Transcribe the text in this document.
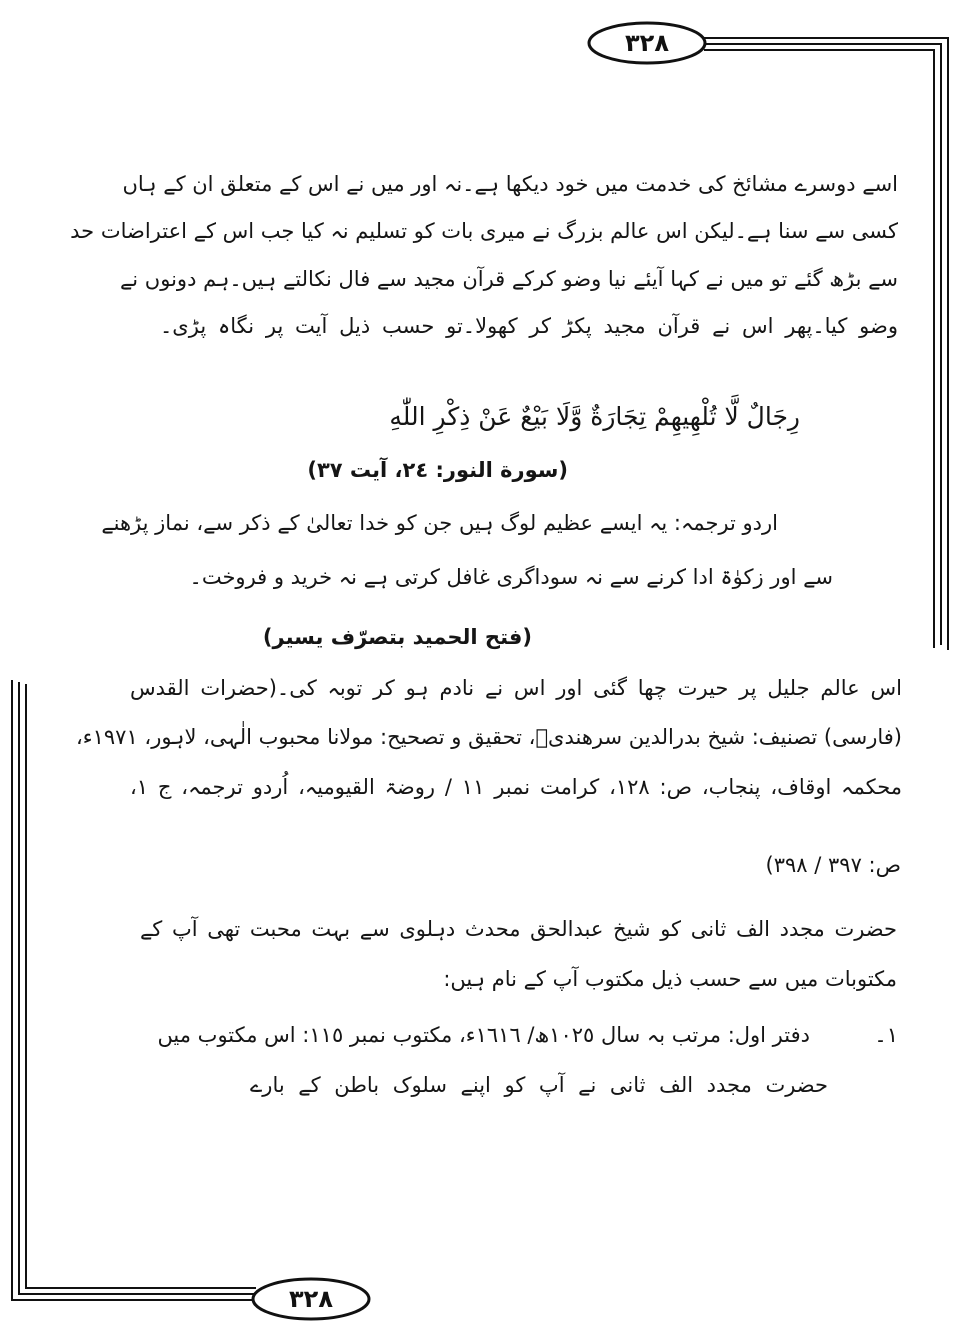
٣٢٨
٣٢٨
اسے دوسرے مشائخ کی خدمت میں خود دیکھا ہے۔نہ اور میں نے اس کے متعلق ان کے ہاں
کسی سے سنا ہے۔لیکن اس عالم بزرگ نے میری بات کو تسلیم نہ کیا جب اس کے اعتراضات حد
سے بڑھ گئے تو میں نے کہا آیئے نیا وضو کرکے قرآن مجید سے فال نکالتے ہیں۔ہم دونوں نے
وضو کیا۔پھر اس نے قرآن مجید پکڑ کر کھولا۔تو حسب ذیل آیت پر نگاہ پڑی۔
رِجَالٌ لَّا تُلْهِيهِمْ تِجَارَةٌ وَّلَا بَيْعٌ عَنْ ذِكْرِ اللّٰهِ
(سورة النور: ٢٤، آیت ٣٧)
اردو ترجمہ: یہ ایسے عظیم لوگ ہیں جن کو خدا تعالیٰ کے ذکر سے، نماز پڑھنے
سے اور زکوٰۃ ادا کرنے سے نہ سوداگری غافل کرتی ہے نہ خرید و فروخت۔
(فتح الحميد بتصرّف يسير)
اس عالم جلیل پر حیرت چھا گئی اور اس نے نادم ہو کر توبہ کی۔(حضرات القدس
(فارسی) تصنیف: شیخ بدرالدین سرھندیؒ، تحقیق و تصحیح: مولانا محبوب الٰہی، لاہور، ١٩٧١ء،
محکمہ اوقاف، پنجاب، ص: ١٢٨، کرامت نمبر ١١ / روضۃ القیومیہ، اُردو ترجمہ، ج ١،
ص: ٣٩٧ / ٣٩٨)
حضرت مجدد الف ثانی کو شیخ عبدالحق محدث دہلوی سے بہت محبت تھی آپ کے
مکتوبات میں سے حسب ذیل مکتوب آپ کے نام ہیں:
١۔
دفتر اول: مرتب بہ سال ١٠٢٥ھ/ ١٦١٦ء، مکتوب نمبر ١١٥: اس مکتوب میں
حضرت مجدد الف ثانی نے آپ کو اپنے سلوک باطن کے بارے
